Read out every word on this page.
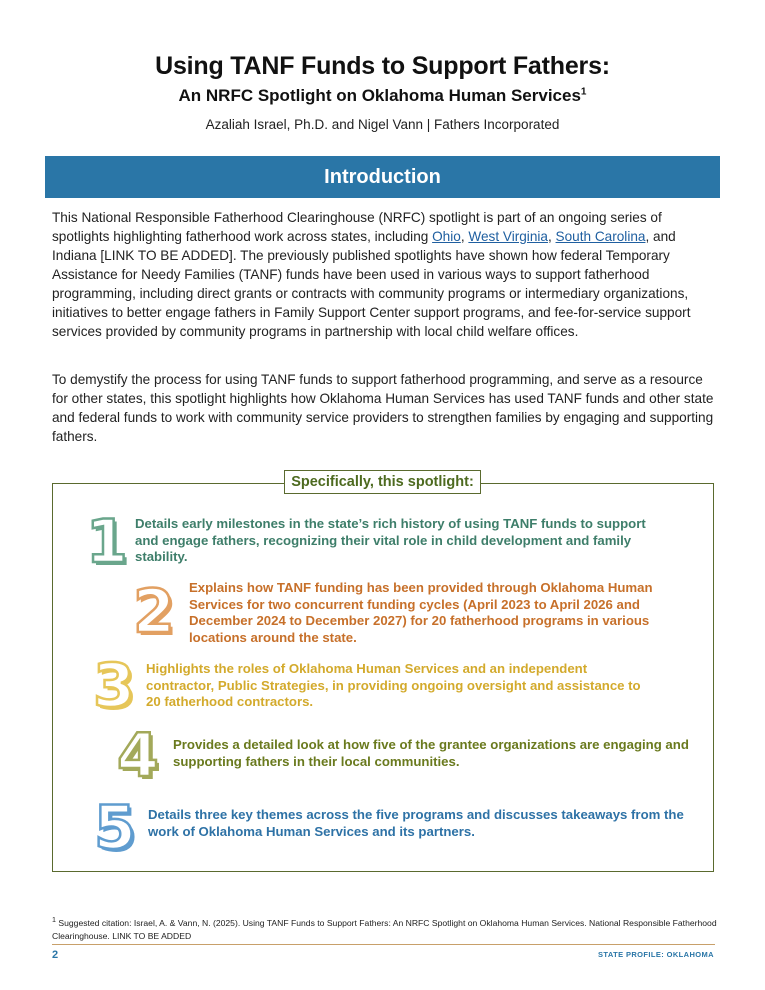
Using TANF Funds to Support Fathers:
An NRFC Spotlight on Oklahoma Human Services$^1$
Azaliah Israel, Ph.D. and Nigel Vann | Fathers Incorporated
Introduction
This National Responsible Fatherhood Clearinghouse (NRFC) spotlight is part of an ongoing series of spotlights highlighting fatherhood work across states, including Ohio, West Virginia, South Carolina, and Indiana [LINK TO BE ADDED]. The previously published spotlights have shown how federal Temporary Assistance for Needy Families (TANF) funds have been used in various ways to support fatherhood programming, including direct grants or contracts with community programs or intermediary organizations, initiatives to better engage fathers in Family Support Center support programs, and fee-for-service support services provided by community programs in partnership with local child welfare offices.
To demystify the process for using TANF funds to support fatherhood programming, and serve as a resource for other states, this spotlight highlights how Oklahoma Human Services has used TANF funds and other state and federal funds to work with community service providers to strengthen families by engaging and supporting fathers.
Specifically, this spotlight:
1 Details early milestones in the state’s rich history of using TANF funds to support and engage fathers, recognizing their vital role in child development and family stability.
2 Explains how TANF funding has been provided through Oklahoma Human Services for two concurrent funding cycles (April 2023 to April 2026 and December 2024 to December 2027) for 20 fatherhood programs in various locations around the state.
3 Highlights the roles of Oklahoma Human Services and an independent contractor, Public Strategies, in providing ongoing oversight and assistance to 20 fatherhood contractors.
4 Provides a detailed look at how five of the grantee organizations are engaging and supporting fathers in their local communities.
5 Details three key themes across the five programs and discusses takeaways from the work of Oklahoma Human Services and its partners.
$^1$ Suggested citation: Israel, A. & Vann, N. (2025). Using TANF Funds to Support Fathers: An NRFC Spotlight on Oklahoma Human Services. National Responsible Fatherhood Clearinghouse. LINK TO BE ADDED
2	STATE PROFILE: OKLAHOMA
